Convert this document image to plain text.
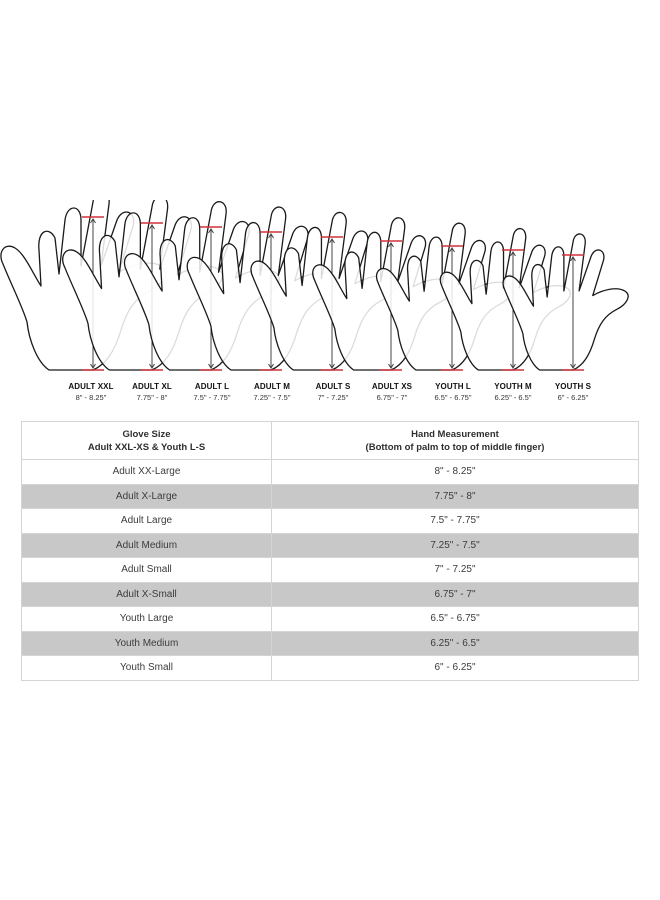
ADULT XXL
8" - 8.25"
ADULT XL
7.75" - 8"
ADULT L
7.5" - 7.75"
ADULT M
7.25" - 7.5"
ADULT S
7" - 7.25"
ADULT XS
6.75" - 7"
YOUTH L
6.5" - 6.75"
YOUTH M
6.25" - 6.5"
YOUTH S
6" - 6.25"
Glove Size
Adult XXL-XS & Youth L-S	Hand Measurement
(Bottom of palm to top of middle finger)
Adult XX-Large	8" - 8.25"
Adult X-Large	7.75" - 8"
Adult Large	7.5" - 7.75"
Adult Medium	7.25" - 7.5"
Adult Small	7" - 7.25"
Adult X-Small	6.75" - 7"
Youth Large	6.5" - 6.75"
Youth Medium	6.25" - 6.5"
Youth Small	6" - 6.25"
